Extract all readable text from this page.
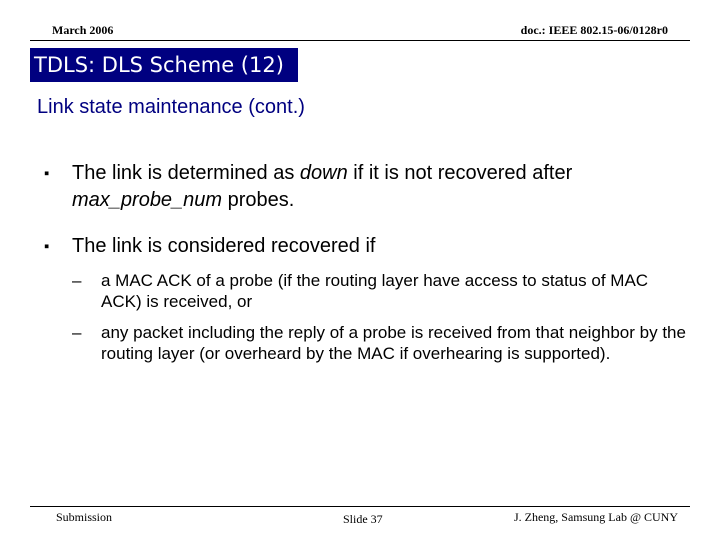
March 2006	doc.: IEEE 802.15-06/0128r0
TDLS: DLS Scheme (12)
Link state maintenance (cont.)
▪ The link is determined as down if it is not recovered after max_probe_num probes.
▪ The link is considered recovered if
– a MAC ACK of a probe (if the routing layer have access to status of MAC ACK) is received, or
– any packet including the reply of a probe is received from that neighbor by the routing layer (or overheard by the MAC if overhearing is supported).
Submission	Slide 37	J. Zheng, Samsung Lab @ CUNY
